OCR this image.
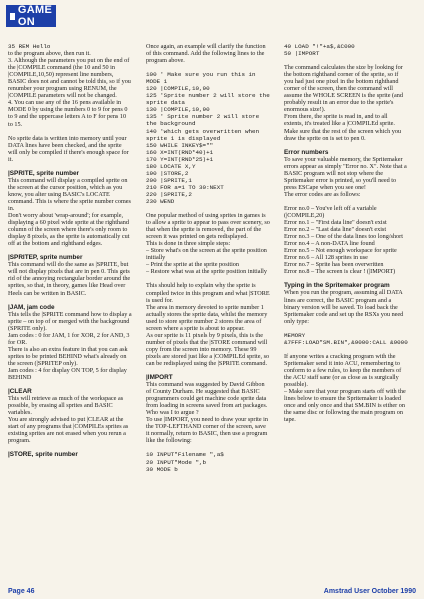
GAME ON

35 REM Hello

to the program above, then run it.

3. Although the parameters you put on the end of the |COMPILE command (the 10 and 50 in |COMPILE,10,50) represent line numbers, BASIC does not and cannot be told this, so if you renumber your program using RENUM, the |COMPILE parameters will not be changed.

4. You can use any of the 16 pens available in MODE 0 by using the numbers 0 to 9 for pens 0 to 9 and the uppercase letters A to F for pens 10 to 15.

No sprite data is written into memory until your DATA lines have been checked, and the sprite will only be compiled if there's enough space for it.

|SPRITE, sprite number

This command will display a compiled sprite on the screen at the cursor position, which as you know, you alter using BASIC's LOCATE command. This is where the sprite number comes in.

Don't worry about 'wrap-around'; for example, displaying a 60 pixel wide sprite at the righthand column of the screen where there's only room to display 8 pixels, as the sprite is automatically cut off at the bottom and righthand edges.

|SPRITEP, sprite number

This command will do the same as |SPRITE, but will not display pixels that are in pen 0. This gets rid of the annoying rectangular border around the sprites, so that, in theory, games like Head over Heels can be written in BASIC.

|JAM, jam code

This tells the |SPRITE command how to display a sprite – on top of or merged with the background (SPRITE only).

Jam codes : 0 for JAM, 1 for XOR, 2 for AND, 3 for OR.

There is also an extra feature in that you can ask sprites to be printed BEHIND what's already on the screen (|SPRITEP only).

Jam codes : 4 for display ON TOP, 5 for display BEHIND

|CLEAR

This will retrieve as much of the workspace as possible, by erasing all sprites and BASIC variables.

You are strongly advised to put |CLEAR at the start of any programs that |COMPILEs sprites as existing sprites are not erased when you rerun a program.

|STORE, sprite number

Once again, an example will clarify the function of this command. Add the following lines to the program above.

100 ' Make sure you run this in MODE 1

120 |COMPILE,10,90

125 'Sprite number 2 will store the sprite data

130 |COMPILE,10,90

135 ' Sprite number 2 will store the background

140 'which gets overwritten when sprite 1 is displayed

150 WHILE INKEY$=""

160 X=INT(RND*40)+1

170 Y=INT(RND*25)+1

180 LOCATE X,Y

190 |STORE,2

200 |SPRITE,1

210 FOR a=1 TO 30:NEXT

220 |SPRITE,2

230 WEND

One popular method of using sprites in games is to allow a sprite to appear to pass over scenery, so that when the sprite is removed, the part of the screen it was printed on gets redisplayed.

This is done in three simple steps:

– Store what's on the screen at the sprite position initially

– Print the sprite at the sprite position

– Restore what was at the sprite position initially

This should help to explain why the sprite is compiled twice in this program and what |STORE is used for.

The area in memory devoted to sprite number 1 actually stores the sprite data, whilst the memory used to store sprite number 2 stores the area of screen where a sprite is about to appear.

As our sprite is 11 pixels by 9 pixels, this is the number of pixels that the |STORE command will copy from the screen into memory. These 99 pixels are stored just like a |COMPILEd sprite, so can be redisplayed using the |SPRITE command.

|IMPORT

This command was suggested by David Gibbon of County Durham. He suggested that BASIC programmers could get machine code sprite data from loading in screens saved from art packages.

Who was I to argue ?

To use |IMPORT, you need to draw your sprite in the TOP-LEFTHAND corner of the screen, save it normally, return to BASIC, then use a program like the following:

10 INPUT"Filename ",a$

20 INPUT"Mode ",b

30 MODE b

40 LOAD "!"+a$,&C000

50 |IMPORT

The command calculates the size by looking for the bottom righthand corner of the sprite, so if you had just one pixel in the bottom righthand corner of the screen, then the command will assume the WHOLE SCREEN is the sprite (and probably result in an error due to the sprite's enormous size!).

From there, the sprite is read in, and to all extents, it's treated like a |COMPILEd sprite.

Make sure that the rest of the screen which you draw the sprite on is set to pen 0.

Error numbers

To save your valuable memory, the Spritemaker errors appear as simply "Error no. X". Note that a BASIC program will not stop where the Spritemaker error is printed, so you'll need to press ESCape when you see one!

The error codes are as follows:

Error no.0 – You've left off a variable (|COMPILE,20)

Error no.1 – "First data line" doesn't exist

Error no.2 – "Last data line" doesn't exist

Error no.3 – One of the data lines too long/short

Error no.4 – A non-DATA line found

Error no.5 – Not enough workspace for sprite

Error no.6 – All 128 sprites in use

Error no.7 – Sprite has been overwritten

Error no.8 – The screen is clear ! (|IMPORT)

Typing in the Spritemaker program

When you run the program, assuming all DATA lines are correct, the BASIC program and a binary version will be saved. To load back the Spritemaker code and set up the RSXs you need only type:

MEMORY &7FFF:LOAD"SM.BIN",&9000:CALL &9000

If anyone writes a cracking program with the Spritemaker send it into ACU, remembering to conform to a few rules, to keep the members of the ACU staff sane (or as close as is surgically possible).

– Make sure that your program starts off with the lines below to ensure the Spritemaker is loaded once and only once and that SM.BIN is either on the same disc or following the main program on tape.

Page 46	Amstrad User October 1990
